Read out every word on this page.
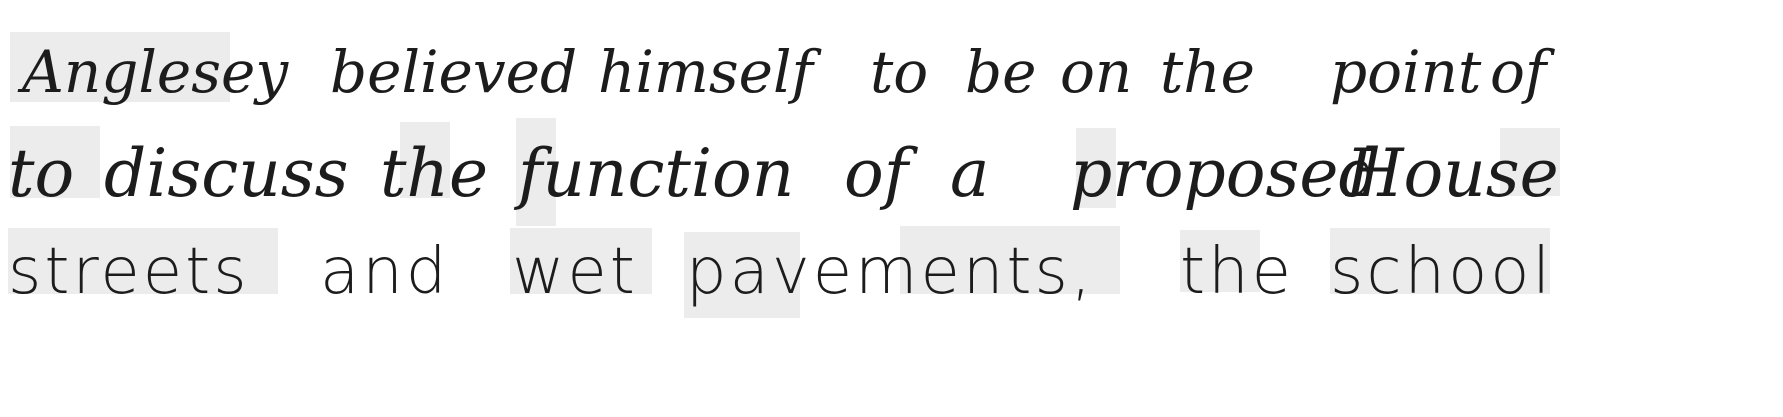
Anglesey believed himself to be on the point of
to discuss the function of a proposed
House
streets and wet pavements, the school
